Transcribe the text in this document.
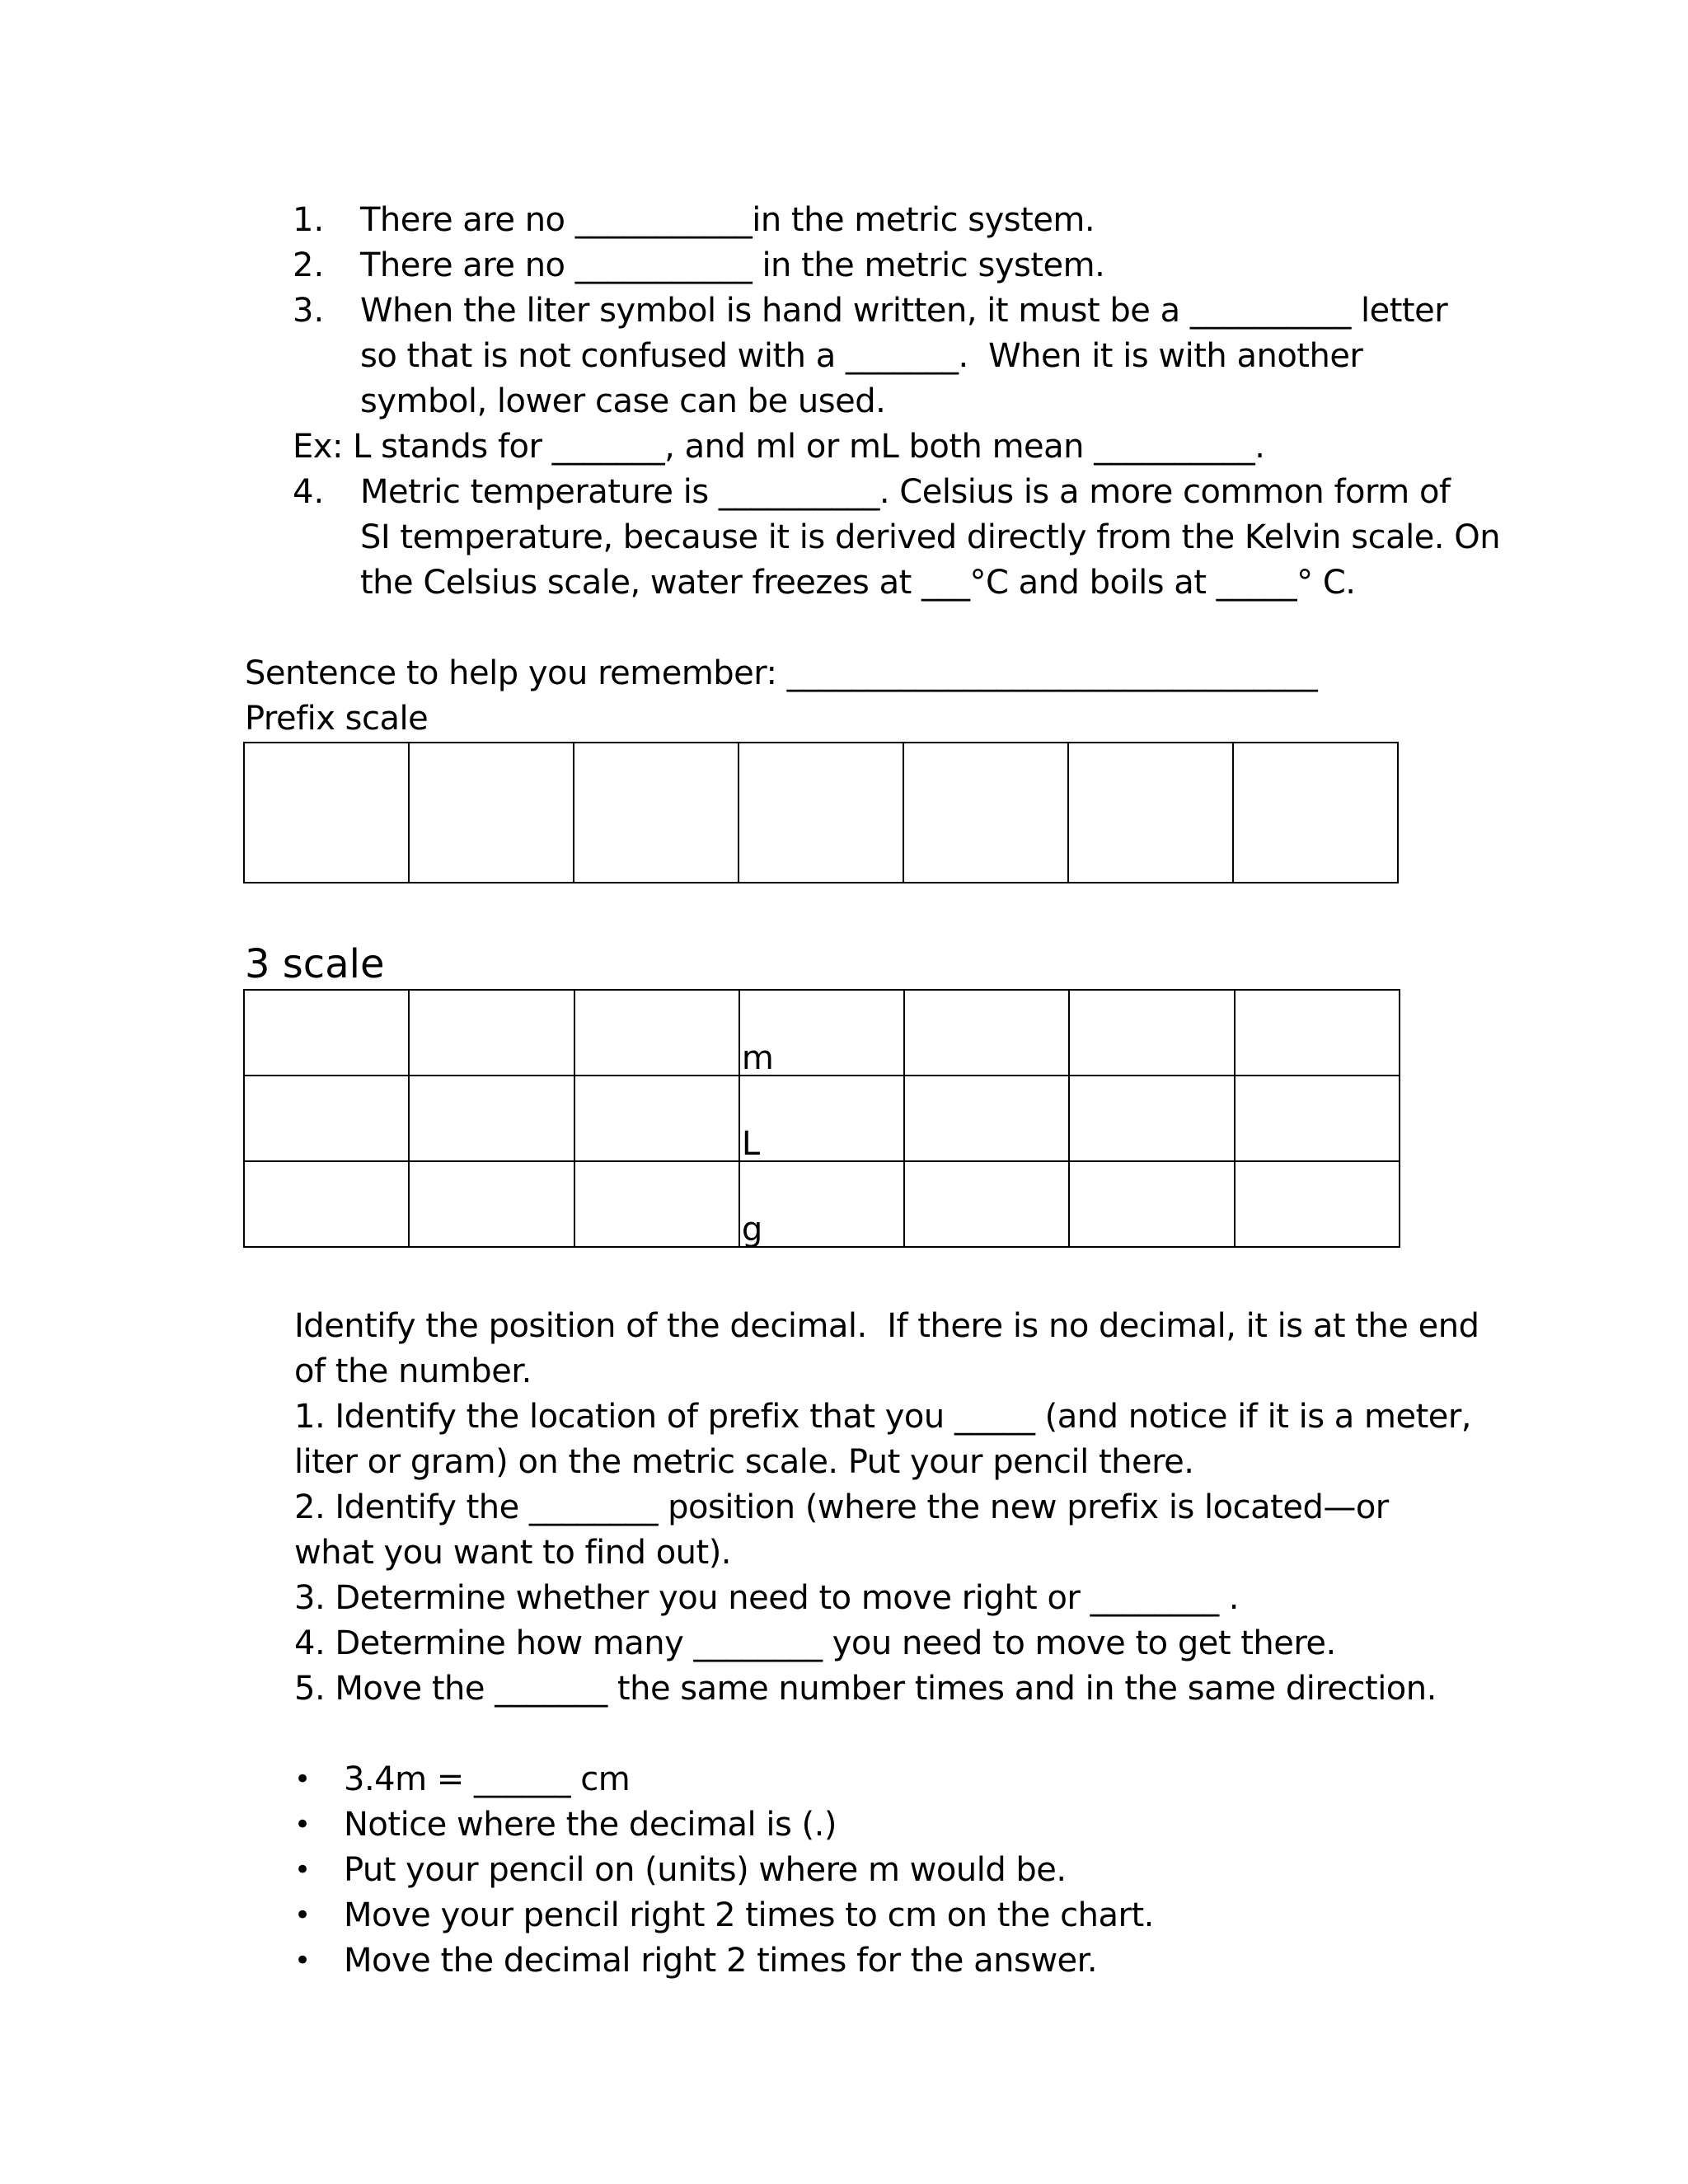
1. There are no ___________in the metric system.
2. There are no ___________ in the metric system.
3. When the liter symbol is hand written, it must be a __________ letter
so that is not confused with a _______.  When it is with another
symbol, lower case can be used.
Ex: L stands for _______, and ml or mL both mean __________.
4. Metric temperature is __________. Celsius is a more common form of
SI temperature, because it is derived directly from the Kelvin scale. On
the Celsius scale, water freezes at ___°C and boils at _____° C.
Sentence to help you remember: _________________________________
Prefix scale

3 scale

			m			

			L			

			g			

Identify the position of the decimal.  If there is no decimal, it is at the end
of the number.
1. Identify the location of prefix that you _____ (and notice if it is a meter,
liter or gram) on the metric scale. Put your pencil there.
2. Identify the ________ position (where the new prefix is located—or
what you want to find out).
3. Determine whether you need to move right or ________ .
4. Determine how many ________ you need to move to get there.
5. Move the _______ the same number times and in the same direction.
• 3.4m = ______ cm
• Notice where the decimal is (.)
• Put your pencil on (units) where m would be.
• Move your pencil right 2 times to cm on the chart.
• Move the decimal right 2 times for the answer.
